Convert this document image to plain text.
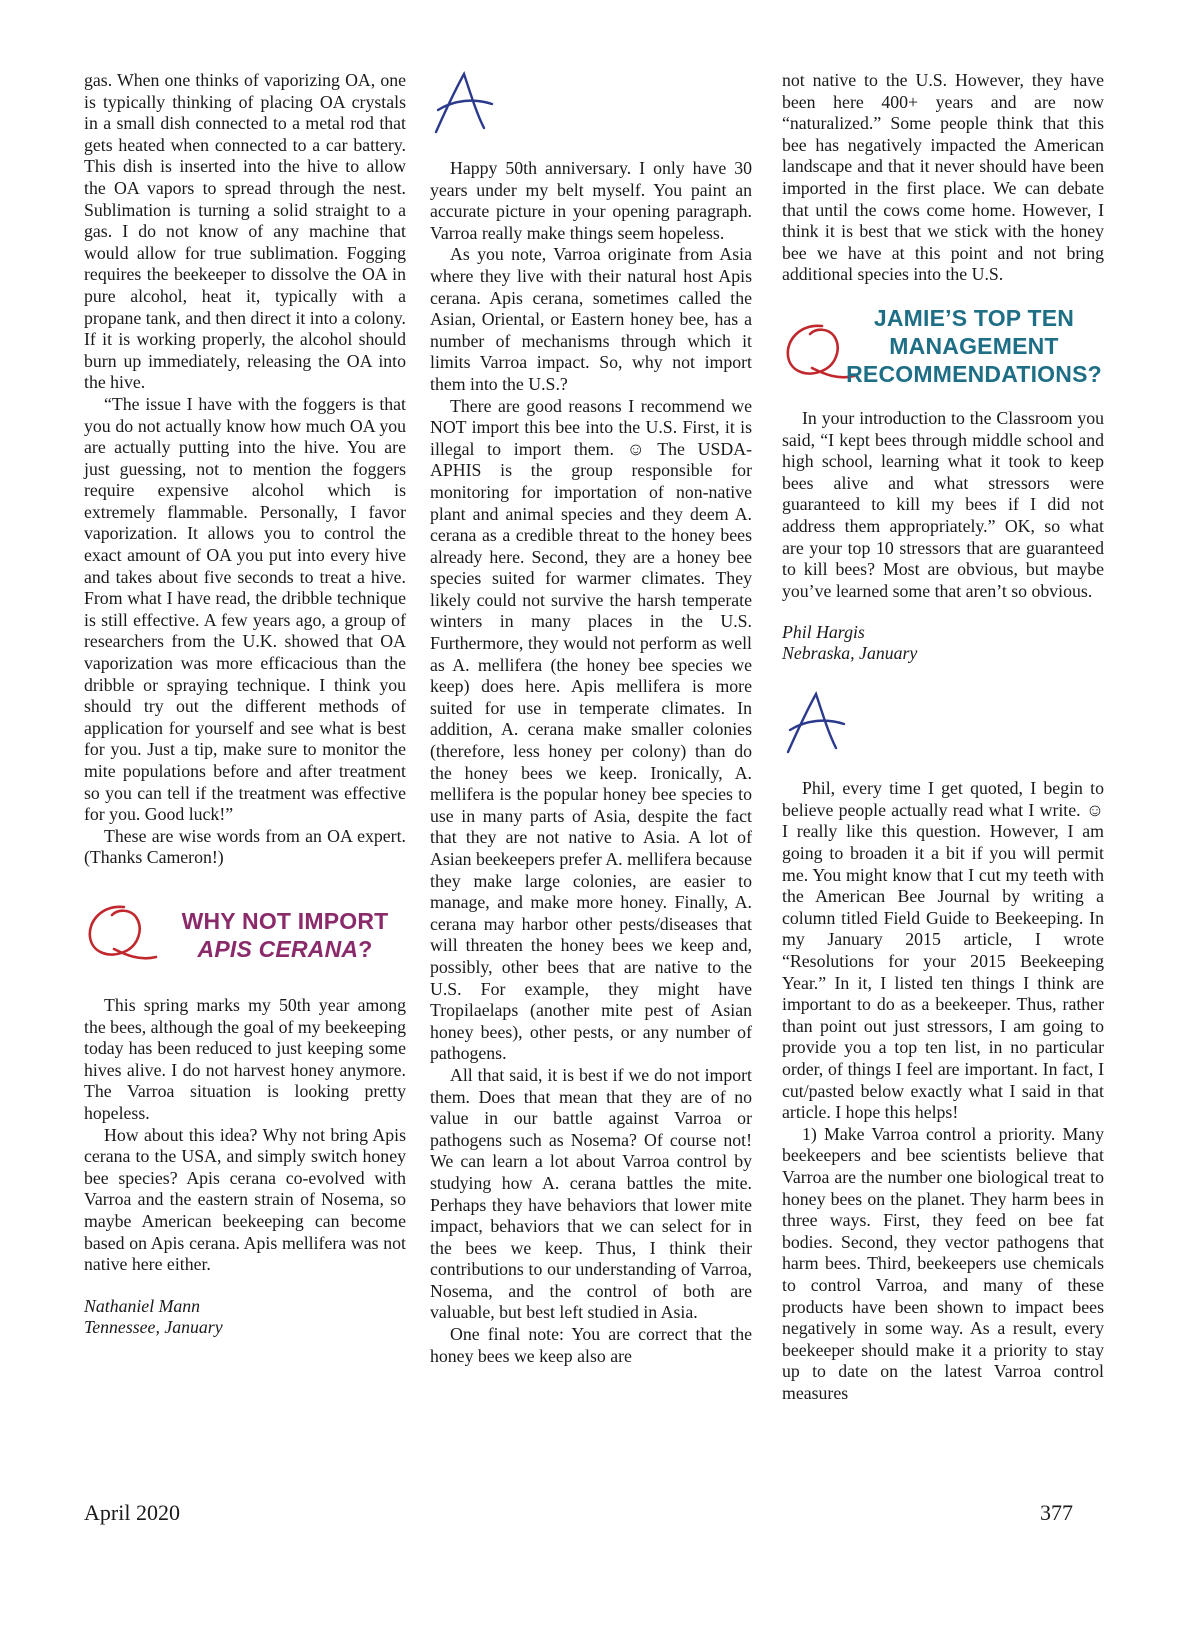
gas. When one thinks of vaporizing OA, one is typically thinking of placing OA crystals in a small dish connected to a metal rod that gets heated when connected to a car battery. This dish is inserted into the hive to allow the OA vapors to spread through the nest. Sublimation is turning a solid straight to a gas. I do not know of any machine that would allow for true sublimation. Fogging requires the beekeeper to dissolve the OA in pure alcohol, heat it, typically with a propane tank, and then direct it into a colony. If it is working properly, the alcohol should burn up immediately, releasing the OA into the hive.

“The issue I have with the foggers is that you do not actually know how much OA you are actually putting into the hive. You are just guessing, not to mention the foggers require expensive alcohol which is extremely flammable. Personally, I favor vaporization. It allows you to control the exact amount of OA you put into every hive and takes about five seconds to treat a hive. From what I have read, the dribble technique is still effective. A few years ago, a group of researchers from the U.K. showed that OA vaporization was more efficacious than the dribble or spraying technique. I think you should try out the different methods of application for yourself and see what is best for you. Just a tip, make sure to monitor the mite populations before and after treatment so you can tell if the treatment was effective for you. Good luck!”

These are wise words from an OA expert. (Thanks Cameron!)

WHY NOT IMPORT
APIS CERANA?

This spring marks my 50th year among the bees, although the goal of my beekeeping today has been reduced to just keeping some hives alive. I do not harvest honey anymore. The Varroa situation is looking pretty hopeless.

How about this idea? Why not bring Apis cerana to the USA, and simply switch honey bee species? Apis cerana co-evolved with Varroa and the eastern strain of Nosema, so maybe American beekeeping can become based on Apis cerana. Apis mellifera was not native here either.

Nathaniel Mann

Tennessee, January

Happy 50th anniversary. I only have 30 years under my belt myself. You paint an accurate picture in your opening paragraph. Varroa really make things seem hopeless.

As you note, Varroa originate from Asia where they live with their natural host Apis cerana. Apis cerana, sometimes called the Asian, Oriental, or Eastern honey bee, has a number of mechanisms through which it limits Varroa impact. So, why not import them into the U.S.?

There are good reasons I recommend we NOT import this bee into the U.S. First, it is illegal to import them. ☺ The USDA-APHIS is the group responsible for monitoring for importation of non-native plant and animal species and they deem A. cerana as a credible threat to the honey bees already here. Second, they are a honey bee species suited for warmer climates. They likely could not survive the harsh temperate winters in many places in the U.S. Furthermore, they would not perform as well as A. mellifera (the honey bee species we keep) does here. Apis mellifera is more suited for use in temperate climates. In addition, A. cerana make smaller colonies (therefore, less honey per colony) than do the honey bees we keep. Ironically, A. mellifera is the popular honey bee species to use in many parts of Asia, despite the fact that they are not native to Asia. A lot of Asian beekeepers prefer A. mellifera because they make large colonies, are easier to manage, and make more honey. Finally, A. cerana may harbor other pests/diseases that will threaten the honey bees we keep and, possibly, other bees that are native to the U.S. For example, they might have Tropilaelaps (another mite pest of Asian honey bees), other pests, or any number of pathogens.

All that said, it is best if we do not import them. Does that mean that they are of no value in our battle against Varroa or pathogens such as Nosema? Of course not! We can learn a lot about Varroa control by studying how A. cerana battles the mite. Perhaps they have behaviors that lower mite impact, behaviors that we can select for in the bees we keep. Thus, I think their contributions to our understanding of Varroa, Nosema, and the control of both are valuable, but best left studied in Asia.

One final note: You are correct that the honey bees we keep also are

not native to the U.S. However, they have been here 400+ years and are now “naturalized.” Some people think that this bee has negatively impacted the American landscape and that it never should have been imported in the first place. We can debate that until the cows come home. However, I think it is best that we stick with the honey bee we have at this point and not bring additional species into the U.S.

JAMIE’S TOP TEN
MANAGEMENT
RECOMMENDATIONS?

In your introduction to the Classroom you said, “I kept bees through middle school and high school, learning what it took to keep bees alive and what stressors were guaranteed to kill my bees if I did not address them appropriately.” OK, so what are your top 10 stressors that are guaranteed to kill bees? Most are obvious, but maybe you’ve learned some that aren’t so obvious.

Phil Hargis

Nebraska, January

Phil, every time I get quoted, I begin to believe people actually read what I write. ☺ I really like this question. However, I am going to broaden it a bit if you will permit me. You might know that I cut my teeth with the American Bee Journal by writing a column titled Field Guide to Beekeeping. In my January 2015 article, I wrote “Resolutions for your 2015 Beekeeping Year.” In it, I listed ten things I think are important to do as a beekeeper. Thus, rather than point out just stressors, I am going to provide you a top ten list, in no particular order, of things I feel are important. In fact, I cut/pasted below exactly what I said in that article. I hope this helps!

1) Make Varroa control a priority. Many beekeepers and bee scientists believe that Varroa are the number one biological treat to honey bees on the planet. They harm bees in three ways. First, they feed on bee fat bodies. Second, they vector pathogens that harm bees. Third, beekeepers use chemicals to control Varroa, and many of these products have been shown to impact bees negatively in some way. As a result, every beekeeper should make it a priority to stay up to date on the latest Varroa control measures

April 2020	377
